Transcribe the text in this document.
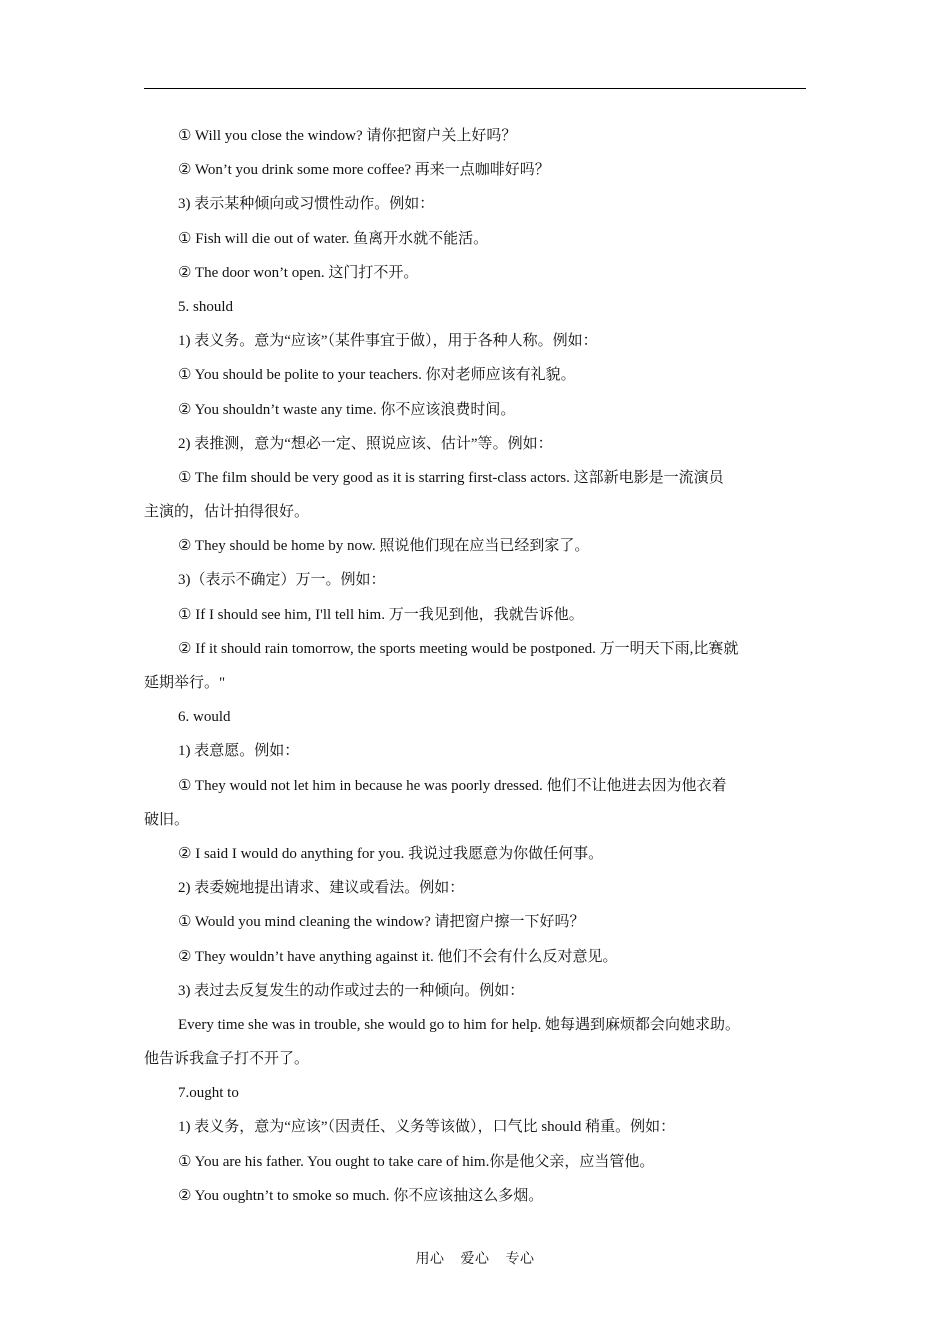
① Will you close the window? 请你把窗户关上好吗？
② Won’t you drink some more coffee? 再来一点咖啡好吗？
3) 表示某种倾向或习惯性动作。例如：
① Fish will die out of water. 鱼离开水就不能活。
② The door won’t open. 这门打不开。
5. should
1) 表义务。意为“应该”（某件事宜于做），用于各种人称。例如：
① You should be polite to your teachers. 你对老师应该有礼貌。
② You shouldn’t waste any time. 你不应该浪费时间。
2) 表推测，意为“想必一定、照说应该、估计”等。例如：
① The film should be very good as it is starring first-class actors. 这部新电影是一流演员
主演的，估计拍得很好。
② They should be home by now. 照说他们现在应当已经到家了。
3)（表示不确定）万一。例如：
① If I should see him, I'll tell him. 万一我见到他，我就告诉他。
② If it should rain tomorrow, the sports meeting would be postponed. 万一明天下雨,比赛就
延期举行。"
6. would
1) 表意愿。例如：
① They would not let him in because he was poorly dressed. 他们不让他进去因为他衣着
破旧。
② I said I would do anything for you. 我说过我愿意为你做任何事。
2) 表委婉地提出请求、建议或看法。例如：
① Would you mind cleaning the window? 请把窗户擦一下好吗？
② They wouldn’t have anything against it. 他们不会有什么反对意见。
3) 表过去反复发生的动作或过去的一种倾向。例如：
Every time she was in trouble, she would go to him for help. 她每遇到麻烦都会向她求助。
他告诉我盒子打不开了。
7.ought to
1) 表义务，意为“应该”（因责任、义务等该做），口气比 should 稍重。例如：
① You are his father. You ought to take care of him.你是他父亲，应当管他。
② You oughtn’t to smoke so much. 你不应该抽这么多烟。
用心 爱心 专心
